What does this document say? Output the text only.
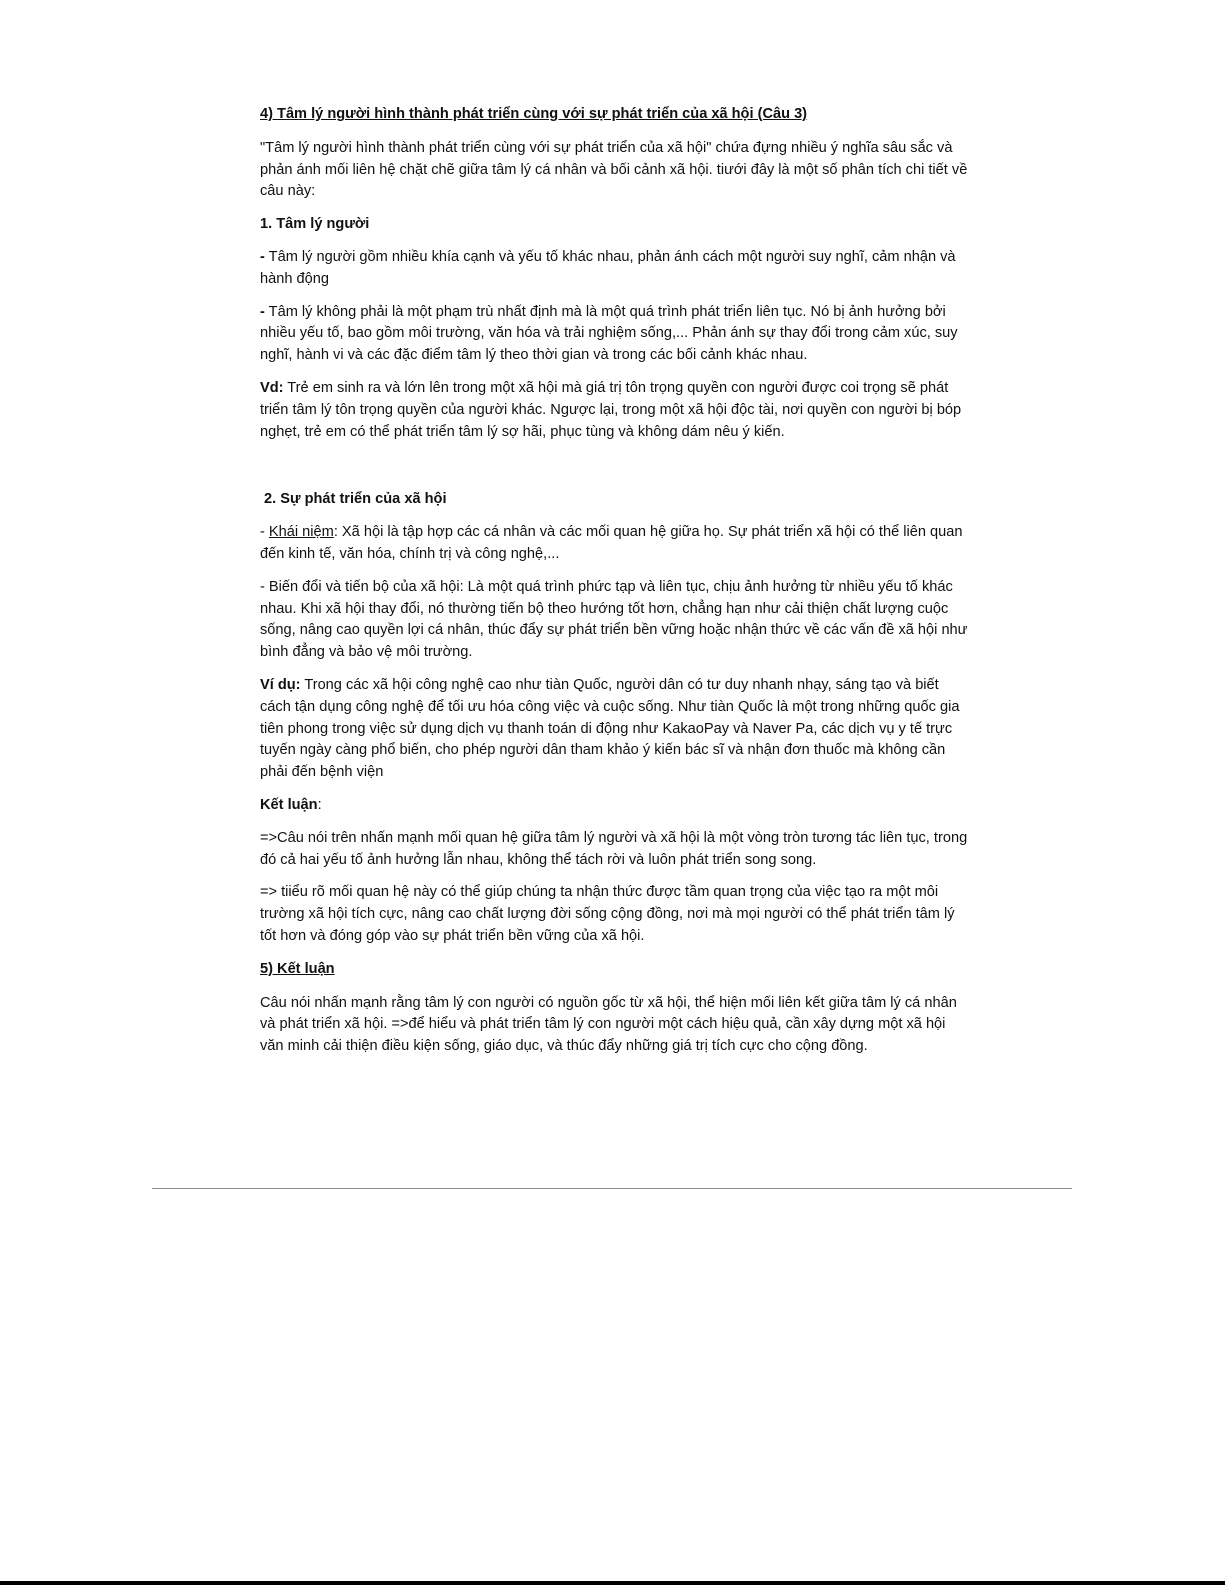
4) Tâm lý người hình thành phát triển cùng với sự phát triển của xã hội (Câu 3)

"Tâm lý người hình thành phát triển cùng với sự phát triển của xã hội" chứa đựng nhiều ý nghĩa sâu sắc và phản ánh mối liên hệ chặt chẽ giữa tâm lý cá nhân và bối cảnh xã hội. tiưới đây là một số phân tích chi tiết về câu này:

1. Tâm lý người

- Tâm lý người gồm nhiều khía cạnh và yếu tố khác nhau, phản ánh cách một người suy nghĩ, cảm nhận và hành động

- Tâm lý không phải là một phạm trù nhất định mà là một quá trình phát triển liên tục. Nó bị ảnh hưởng bởi nhiều yếu tố, bao gồm môi trường, văn hóa và trải nghiệm sống,... Phản ánh sự thay đổi trong cảm xúc, suy nghĩ, hành vi và các đặc điểm tâm lý theo thời gian và trong các bối cảnh khác nhau.

Vd: Trẻ em sinh ra và lớn lên trong một xã hội mà giá trị tôn trọng quyền con người được coi trọng sẽ phát triển tâm lý tôn trọng quyền của người khác. Ngược lại, trong một xã hội độc tài, nơi quyền con người bị bóp nghẹt, trẻ em có thể phát triển tâm lý sợ hãi, phục tùng và không dám nêu ý kiến.

2. Sự phát triển của xã hội

- Khái niệm: Xã hội là tập hợp các cá nhân và các mối quan hệ giữa họ. Sự phát triển xã hội có thể liên quan đến kinh tế, văn hóa, chính trị và công nghệ,...

- Biến đổi và tiến bộ của xã hội: Là một quá trình phức tạp và liên tục, chịu ảnh hưởng từ nhiều yếu tố khác nhau. Khi xã hội thay đổi, nó thường tiến bộ theo hướng tốt hơn, chẳng hạn như cải thiện chất lượng cuộc sống, nâng cao quyền lợi cá nhân, thúc đẩy sự phát triển bền vững hoặc nhận thức về các vấn đề xã hội như bình đẳng và bảo vệ môi trường.

Ví dụ: Trong các xã hội công nghệ cao như tiàn Quốc, người dân có tư duy nhanh nhạy, sáng tạo và biết cách tận dụng công nghệ để tối ưu hóa công việc và cuộc sống. Như tiàn Quốc là một trong những quốc gia tiên phong trong việc sử dụng dịch vụ thanh toán di động như KakaoPay và Naver Pa, các dịch vụ y tế trực tuyến ngày càng phổ biến, cho phép người dân tham khảo ý kiến bác sĩ và nhận đơn thuốc mà không cần phải đến bệnh viện

Kết luận:

=>Câu nói trên nhấn mạnh mối quan hệ giữa tâm lý người và xã hội là một vòng tròn tương tác liên tục, trong đó cả hai yếu tố ảnh hưởng lẫn nhau, không thể tách rời và luôn phát triển song song.

=> tiiểu rõ mối quan hệ này có thể giúp chúng ta nhận thức được tầm quan trọng của việc tạo ra một môi trường xã hội tích cực, nâng cao chất lượng đời sống cộng đồng, nơi mà mọi người có thể phát triển tâm lý tốt hơn và đóng góp vào sự phát triển bền vững của xã hội.

5) Kết luận

Câu nói nhấn mạnh rằng tâm lý con người có nguồn gốc từ xã hội, thể hiện mối liên kết giữa tâm lý cá nhân và phát triển xã hội. =>để hiểu và phát triển tâm lý con người một cách hiệu quả, cần xây dựng một xã hội văn minh cải thiện điều kiện sống, giáo dục, và thúc đẩy những giá trị tích cực cho cộng đồng.
